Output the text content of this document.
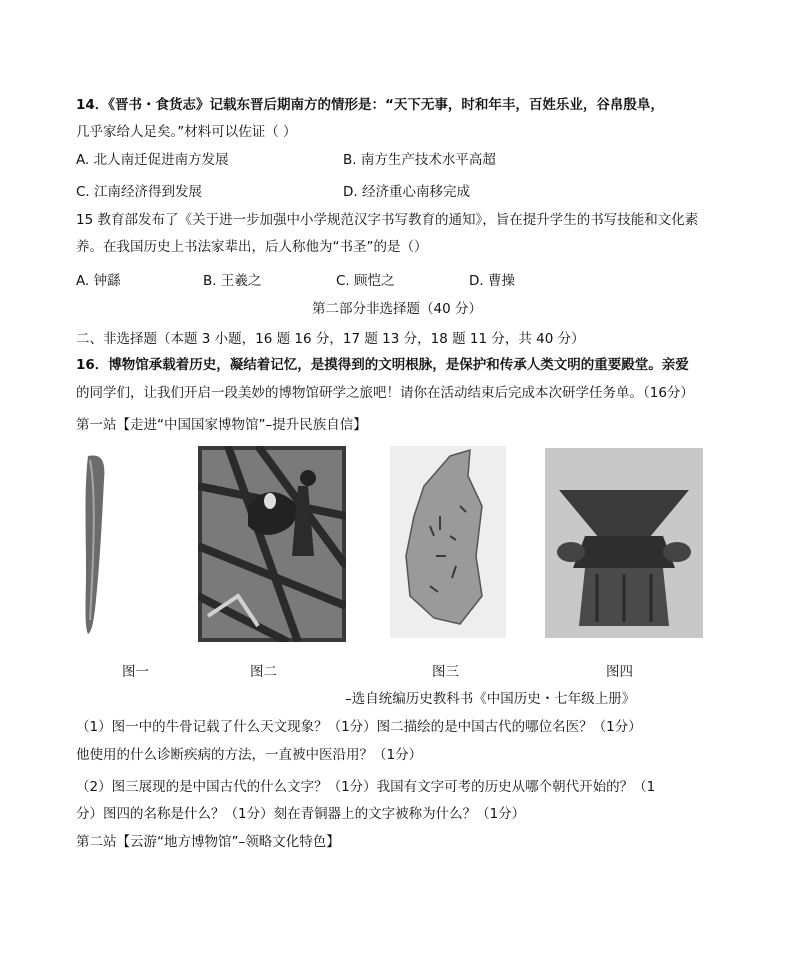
14．《晋书・食货志》记载东晋后期南方的情形是：“天下无事，时和年丰，百姓乐业，谷帛殷阜，
几乎家给人足矣。”材料可以佐证（ ）
A. 北人南迁促进南方发展	B. 南方生产技术水平高超
C. 江南经济得到发展	D. 经济重心南移完成
15 教育部发布了《关于进一步加强中小学规范汉字书写教育的通知》，旨在提升学生的书写技能和文化素
养。在我国历史上书法家辈出，后人称他为“书圣”的是（）
A. 钟繇	B. 王羲之	C. 顾恺之	D. 曹操
第二部分非选择题（40 分）
二、非选择题（本题 3 小题，16 题 16 分，17 题 13 分，18 题 11 分，共 40 分）
16．博物馆承载着历史，凝结着记忆，是摸得到的文明根脉，是保护和传承人类文明的重要殿堂。亲爱
的同学们，让我们开启一段美妙的博物馆研学之旅吧！请你在活动结束后完成本次研学任务单。（16分）
第一站【走进“中国国家博物馆”–提升民族自信】
图一	图二	图三	图四
–选自统编历史教科书《中国历史・七年级上册》
（1）图一中的牛骨记载了什么天文现象？（1分）图二描绘的是中国古代的哪位名医？（1分）
他使用的什么诊断疾病的方法，一直被中医沿用？（1分）
（2）图三展现的是中国古代的什么文字？（1分）我国有文字可考的历史从哪个朝代开始的？（1
分）图四的名称是什么？（1分）刻在青铜器上的文字被称为什么？（1分）
第二站【云游“地方博物馆”–领略文化特色】
